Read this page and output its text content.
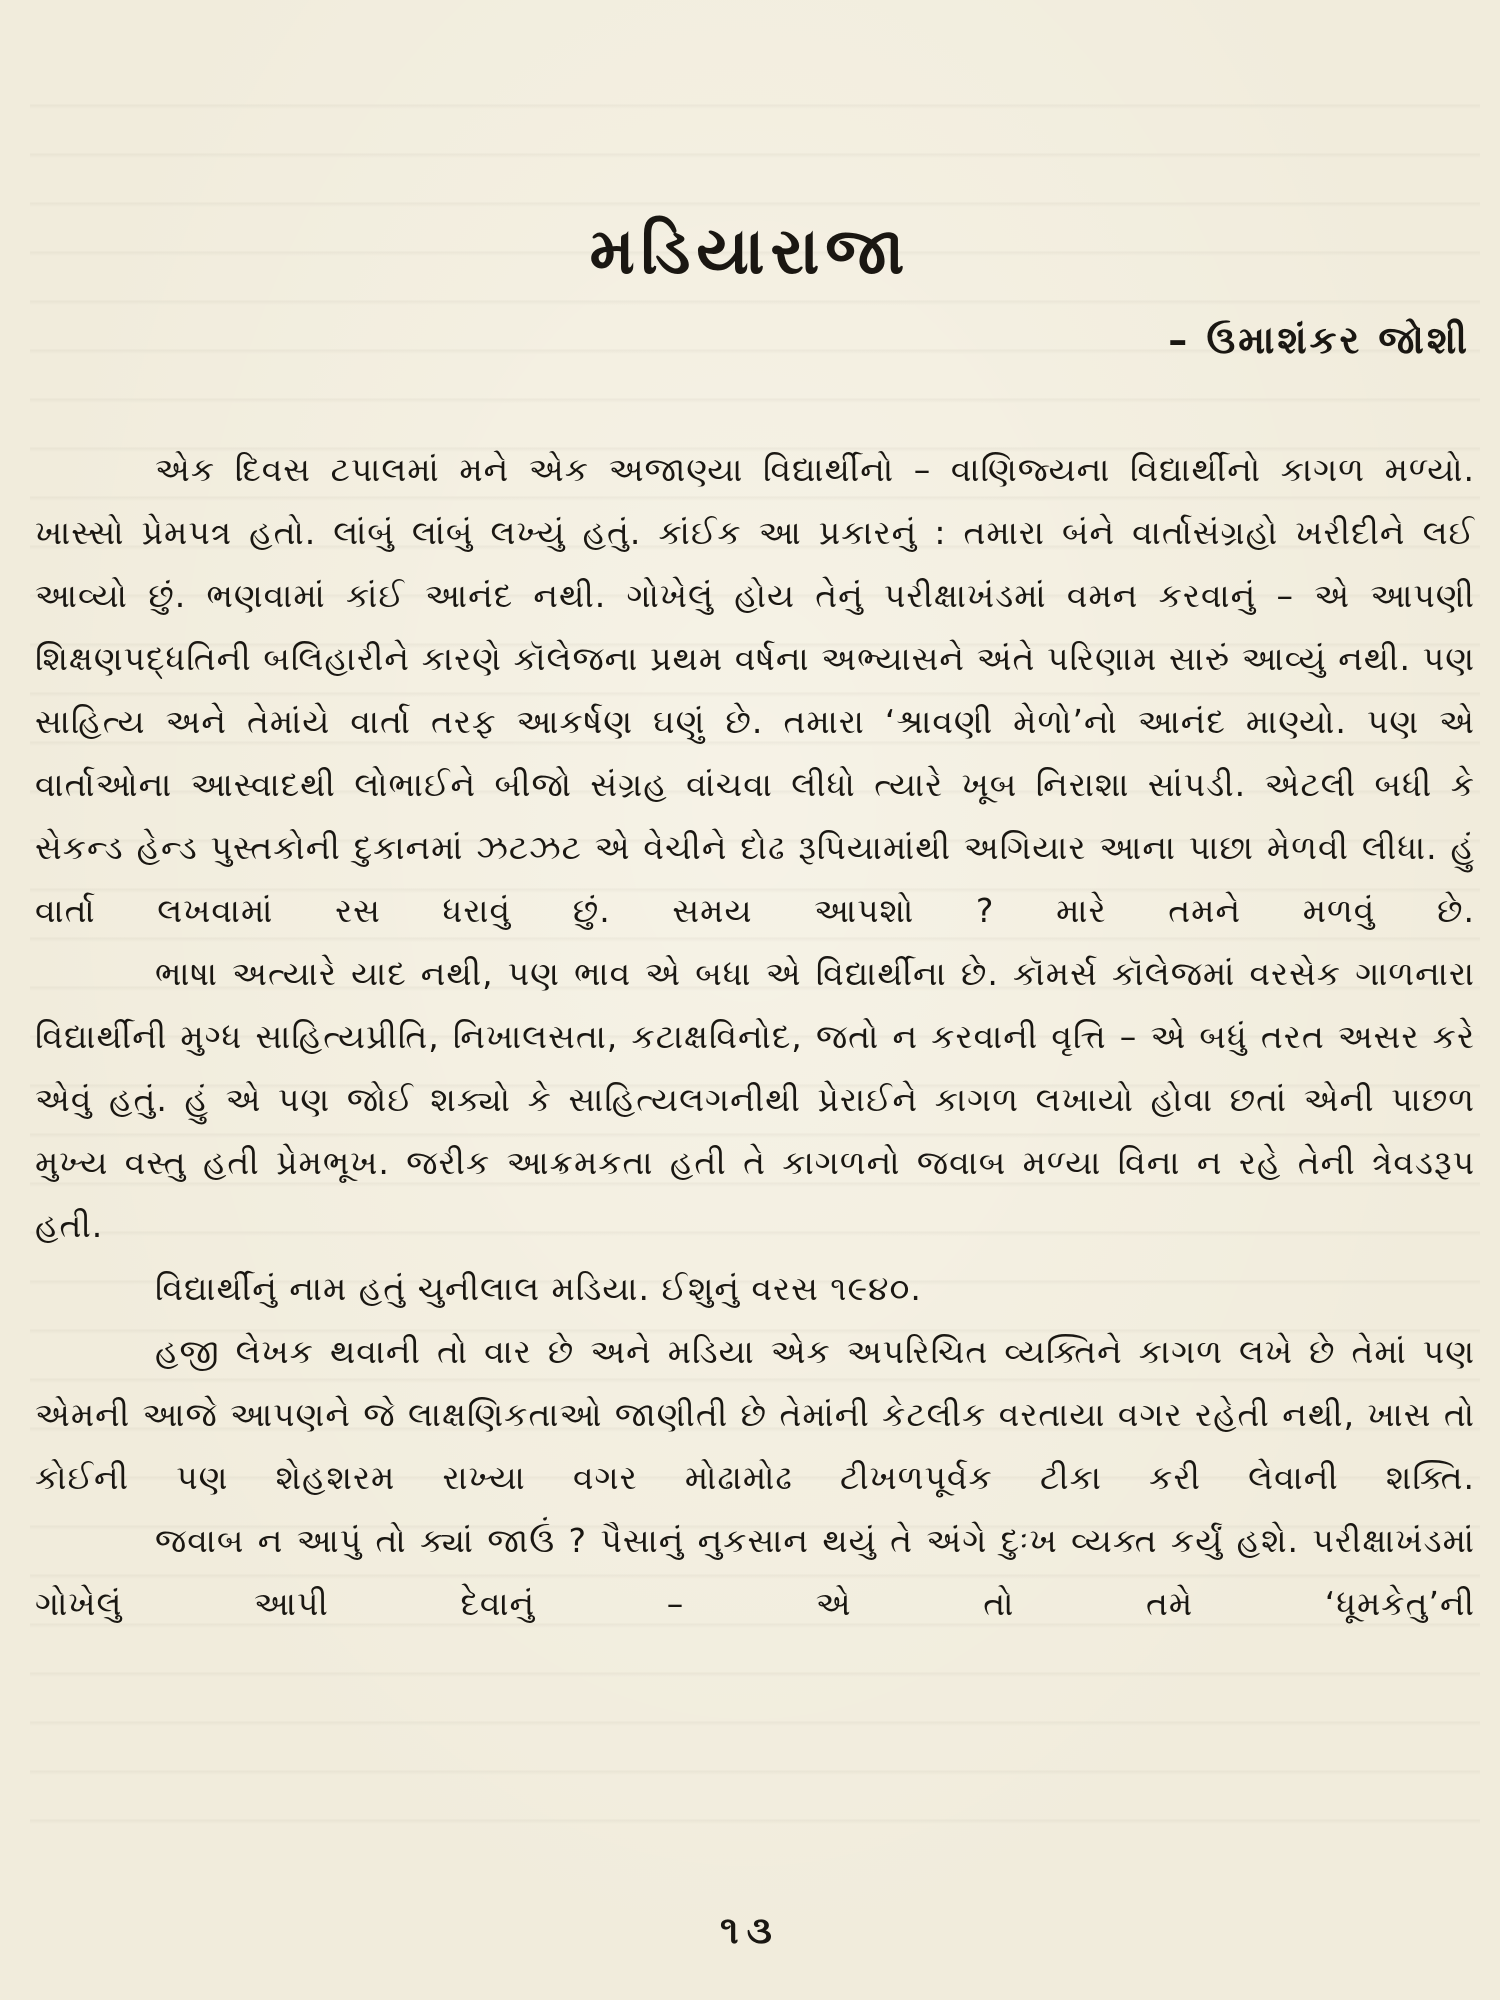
મડિયારાજા

– ઉમાશંકર જોશી

એક દિવસ ટપાલમાં મને એક અજાણ્યા વિદ્યાર્થીનો – વાણિજ્યના વિદ્યાર્થીનો કાગળ મળ્યો. ખાસ્સો પ્રેમપત્ર હતો. લાંબું લાંબું લખ્યું હતું. કાંઈક આ પ્રકારનું : તમારા બંને વાર્તાસંગ્રહો ખરીદીને લઈ આવ્યો છું. ભણવામાં કાંઈ આનંદ નથી. ગોખેલું હોય તેનું પરીક્ષાખંડમાં વમન કરવાનું – એ આપણી શિક્ષણપદ્ધતિની બલિહારીને કારણે કૉલેજના પ્રથમ વર્ષના અભ્યાસને અંતે પરિણામ સારું આવ્યું નથી. પણ સાહિત્ય અને તેમાંયે વાર્તા તરફ આકર્ષણ ઘણું છે. તમારા ‘શ્રાવણી મેળો’નો આનંદ માણ્યો. પણ એ વાર્તાઓના આસ્વાદથી લોભાઈને બીજો સંગ્રહ વાંચવા લીધો ત્યારે ખૂબ નિરાશા સાંપડી. એટલી બધી કે સેકન્ડ હેન્ડ પુસ્તકોની દુકાનમાં ઝટઝટ એ વેચીને દોઢ રૂપિયામાંથી અગિયાર આના પાછા મેળવી લીધા. હું વાર્તા લખવામાં રસ ધરાવું છું. સમય આપશો ? મારે તમને મળવું છે.

ભાષા અત્યારે યાદ નથી, પણ ભાવ એ બધા એ વિદ્યાર્થીના છે. કૉમર્સ કૉલેજમાં વરસેક ગાળનારા વિદ્યાર્થીની મુગ્ધ સાહિત્યપ્રીતિ, નિખાલસતા, કટાક્ષવિનોદ, જતો ન કરવાની વૃત્તિ – એ બધું તરત અસર કરે એવું હતું. હું એ પણ જોઈ શક્યો કે સાહિત્યલગનીથી પ્રેરાઈને કાગળ લખાયો હોવા છતાં એની પાછળ મુખ્ય વસ્તુ હતી પ્રેમભૂખ. જરીક આક્રમકતા હતી તે કાગળનો જવાબ મળ્યા વિના ન રહે તેની ત્રેવડરૂપ હતી.

વિદ્યાર્થીનું નામ હતું ચુનીલાલ મડિયા. ઈશુનું વરસ ૧૯૪૦.

હજી લેખક થવાની તો વાર છે અને મડિયા એક અપરિચિત વ્યક્તિને કાગળ લખે છે તેમાં પણ એમની આજે આપણને જે લાક્ષણિકતાઓ જાણીતી છે તેમાંની કેટલીક વરતાયા વગર રહેતી નથી, ખાસ તો કોઈની પણ શેહશરમ રાખ્યા વગર મોઢામોઢ ટીખળપૂર્વક ટીકા કરી લેવાની શક્તિ.

જવાબ ન આપું તો ક્યાં જાઉં ? પૈસાનું નુકસાન થયું તે અંગે દુઃખ વ્યક્ત કર્યું હશે. પરીક્ષાખંડમાં ગોખેલું આપી દેવાનું – એ તો તમે ‘ધૂમકેતુ’ની

૧૩
